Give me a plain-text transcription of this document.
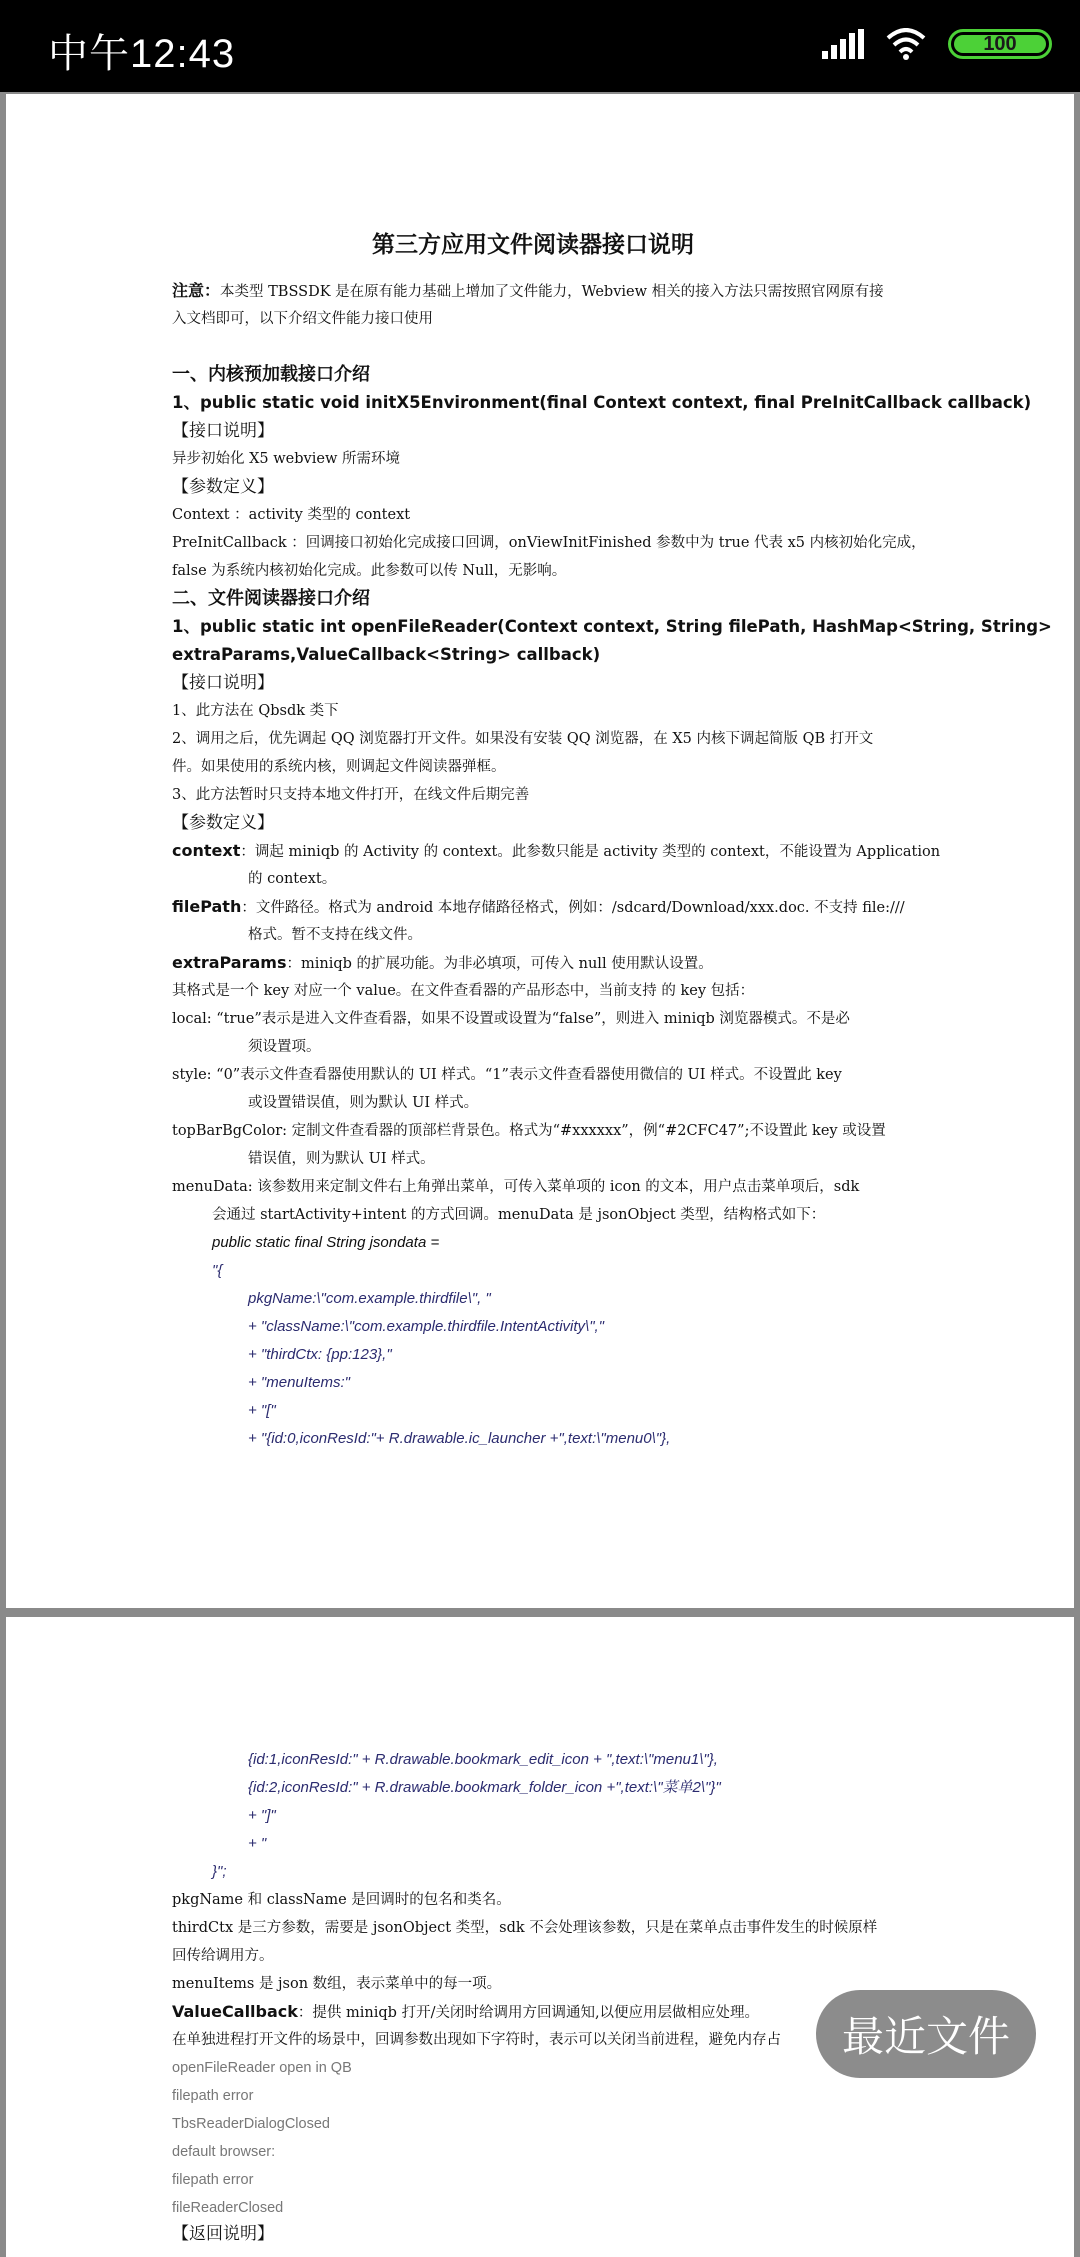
中午12:43	100
第三方应用文件阅读器接口说明
注意：本类型 TBSSDK 是在原有能力基础上增加了文件能力，Webview 相关的接入方法只需按照官网原有接
入文档即可，以下介绍文件能力接口使用
一、内核预加载接口介绍
1、public static void initX5Environment(final Context context, final PreInitCallback callback)
【接口说明】
异步初始化 X5 webview 所需环境
【参数定义】
Context ：activity 类型的 context
PreInitCallback ：回调接口初始化完成接口回调，onViewInitFinished 参数中为 true 代表 x5 内核初始化完成，
false 为系统内核初始化完成。此参数可以传 Null，无影响。
二、文件阅读器接口介绍
1、public static int openFileReader(Context context, String filePath, HashMap<String, String>
extraParams,ValueCallback<String> callback)
【接口说明】
1、此方法在 Qbsdk 类下
2、调用之后，优先调起 QQ 浏览器打开文件。如果没有安装 QQ 浏览器，在 X5 内核下调起简版 QB 打开文
件。如果使用的系统内核，则调起文件阅读器弹框。
3、此方法暂时只支持本地文件打开，在线文件后期完善
【参数定义】
context：调起 miniqb 的 Activity 的 context。此参数只能是 activity 类型的 context，不能设置为 Application
的 context。
filePath：文件路径。格式为 android 本地存储路径格式，例如：/sdcard/Download/xxx.doc. 不支持 file:///
格式。暂不支持在线文件。
extraParams：miniqb 的扩展功能。为非必填项，可传入 null 使用默认设置。
其格式是一个 key 对应一个 value。在文件查看器的产品形态中，当前支持 的 key 包括：
local: “true”表示是进入文件查看器，如果不设置或设置为“false”，则进入 miniqb 浏览器模式。不是必
须设置项。
style: “0”表示文件查看器使用默认的 UI 样式。“1”表示文件查看器使用微信的 UI 样式。不设置此 key
或设置错误值，则为默认 UI 样式。
topBarBgColor: 定制文件查看器的顶部栏背景色。格式为“#xxxxxx”，例“#2CFC47”;不设置此 key 或设置
错误值，则为默认 UI 样式。
menuData: 该参数用来定制文件右上角弹出菜单，可传入菜单项的 icon 的文本，用户点击菜单项后，sdk
会通过 startActivity+intent 的方式回调。menuData 是 jsonObject 类型，结构格式如下：
public static final String jsondata =
"{
pkgName:\"com.example.thirdfile\", "
+ "className:\"com.example.thirdfile.IntentActivity\","
+ "thirdCtx: {pp:123},"
+ "menuItems:"
+ "["
+ "{id:0,iconResId:"+ R.drawable.ic_launcher +",text:\"menu0\"},
{id:1,iconResId:" + R.drawable.bookmark_edit_icon + ",text:\"menu1\"},
{id:2,iconResId:" + R.drawable.bookmark_folder_icon +",text:\"菜单2\"}"
+ "]"
+ "
}";
pkgName 和 className 是回调时的包名和类名。
thirdCtx 是三方参数，需要是 jsonObject 类型，sdk 不会处理该参数，只是在菜单点击事件发生的时候原样
回传给调用方。
menuItems 是 json 数组，表示菜单中的每一项。
ValueCallback：提供 miniqb 打开/关闭时给调用方回调通知,以便应用层做相应处理。
在单独进程打开文件的场景中，回调参数出现如下字符时，表示可以关闭当前进程，避免内存占
openFileReader open in QB
filepath error
TbsReaderDialogClosed
default browser:
filepath error
fileReaderClosed
【返回说明】
最近文件
